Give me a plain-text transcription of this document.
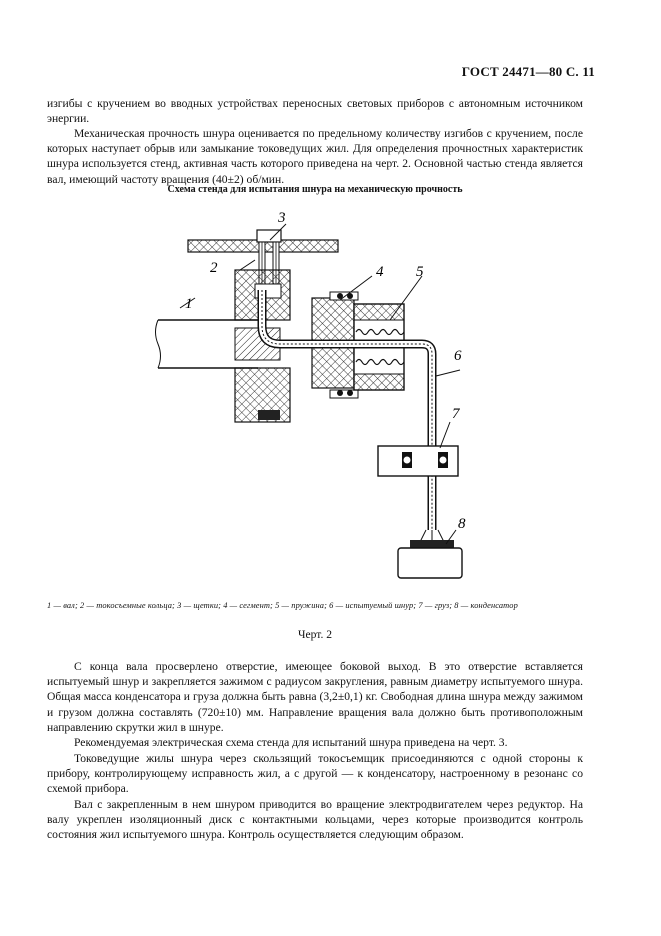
ГОСТ 24471—80 С. 11

изгибы с кручением во вводных устройствах переносных световых приборов с автономным источником энергии.

Механическая прочность шнура оценивается по предельному количеству изгибов с кручением, после которых наступает обрыв или замыкание токоведущих жил. Для определения прочностных характеристик шнура используется стенд, активная часть которого приведена на черт. 2. Основной частью стенда является вал, имеющий частоту вращения (40±2) об/мин.

Схема стенда для испытания шнура на механическую прочность
1
2
3
4 5
6
7
8
1 — вал; 2 — токосъемные кольца; 3 — щетки; 4 — сегмент; 5 — пружина; 6 — испытуемый шнур; 7 — груз; 8 — конденсатор
Черт. 2

С конца вала просверлено отверстие, имеющее боковой выход. В это отверстие вставляется испытуемый шнур и закрепляется зажимом с радиусом закругления, равным диаметру испытуемого шнура. Общая масса конденсатора и груза должна быть равна (3,2±0,1) кг. Свободная длина шнура между зажимом и грузом должна составлять (720±10) мм. Направление вращения вала должно быть противоположным направлению скрутки жил в шнуре.

Рекомендуемая электрическая схема стенда для испытаний шнура приведена на черт. 3.

Токоведущие жилы шнура через скользящий токосъемщик присоединяются с одной стороны к прибору, контролирующему исправность жил, а с другой — к конденсатору, настроенному в резонанс со схемой прибора.

Вал с закрепленным в нем шнуром приводится во вращение электродвигателем через редуктор. На валу укреплен изоляционный диск с контактными кольцами, через которые производится контроль состояния жил испытуемого шнура. Контроль осуществляется следующим образом.
